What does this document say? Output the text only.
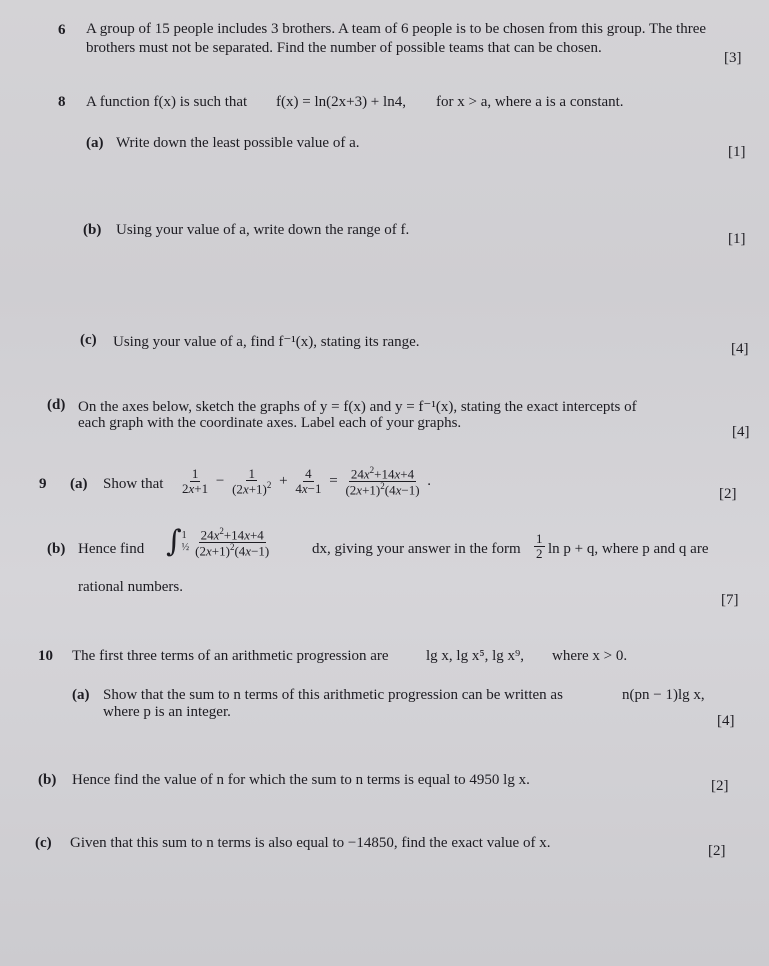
6 A group of 15 people includes 3 brothers. A team of 6 people is to be chosen from this group. The three
brothers must not be separated. Find the number of possible teams that can be chosen.
[3]
8 A function f(x) is such that f(x) = ln(2x+3) + ln4, for x > a, where a is a constant.
(a) Write down the least possible value of a.
[1]
(b) Using your value of a, write down the range of f.
[1]
(c) Using your value of a, find f⁻¹(x), stating its range.	[4]
(d) On the axes below, sketch the graphs of y = f(x) and y = f⁻¹(x), stating the exact intercepts of
each graph with the coordinate axes. Label each of your graphs.
[4]
9 (a) Show that $\frac{1}{2x+1} - \frac{1}{(2x+1)^2} + \frac{4}{4x-1} = \frac{24x^2+14x+4}{(2x+1)^2(4x-1)}$ .
[2]
(b) Hence find ∫ 1
½ $\frac{24x^2+14x+4}{(2x+1)^2(4x-1)}$	dx, giving your answer in the form $\frac{1}{2}$ ln p + q, where p and q are
rational numbers.
[7]
10 The first three terms of an arithmetic progression are lg x, lg x⁵, lg x⁹, where x > 0.
(a) Show that the sum to n terms of this arithmetic progression can be written as	n(pn − 1)lg x,
where p is an integer.
[4]
(b) Hence find the value of n for which the sum to n terms is equal to 4950 lg x.	[2]
(c) Given that this sum to n terms is also equal to −14850, find the exact value of x.	[2]
